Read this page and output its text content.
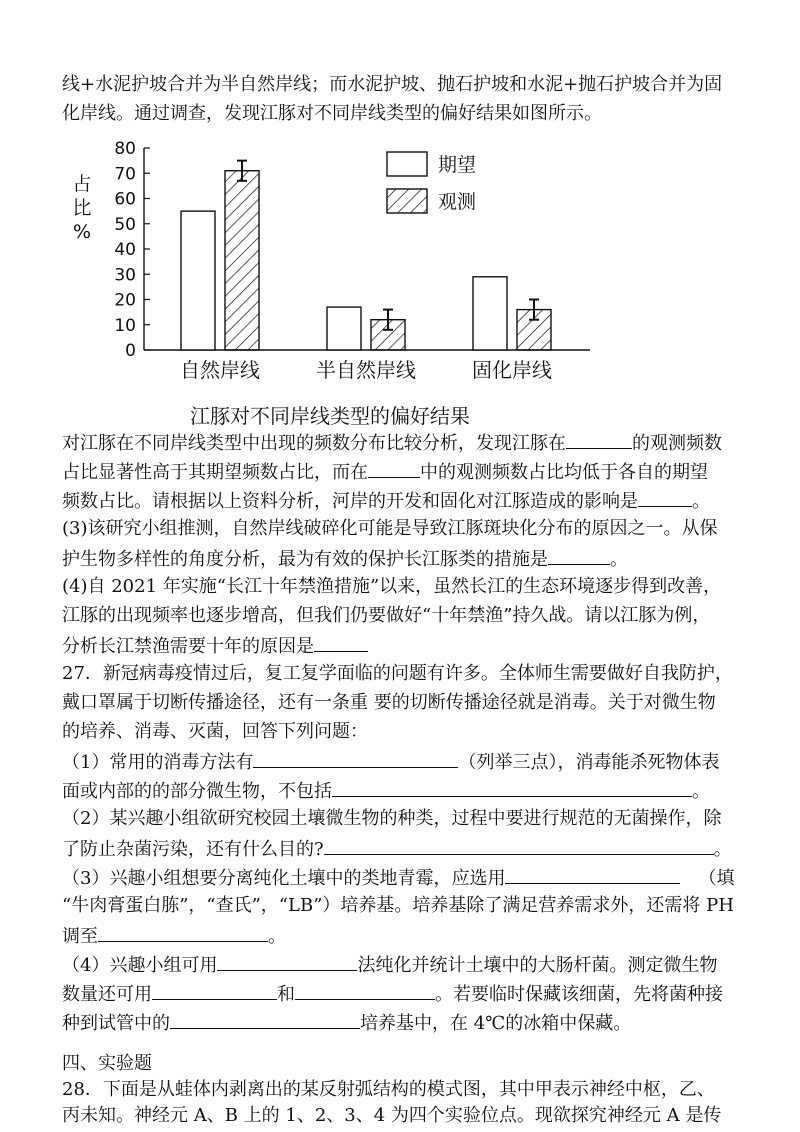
线+水泥护坡合并为半自然岸线；而水泥护坡、抛石护坡和水泥+抛石护坡合并为固
化岸线。通过调查，发现江豚对不同岸线类型的偏好结果如图所示。
0
10
20
30
40
50
60
70
80
占
比
%
自然岸线	半自然岸线	固化岸线
期望
观测
江豚对不同岸线类型的偏好结果
对江豚在不同岸线类型中出现的频数分布比较分析，发现江豚在	的观测频数
占比显著性高于其期望频数占比，而在	中的观测频数占比均低于各自的期望
频数占比。请根据以上资料分析，河岸的开发和固化对江豚造成的影响是	。
(3)该研究小组推测，自然岸线破碎化可能是导致江豚斑块化分布的原因之一。从保
护生物多样性的角度分析，最为有效的保护长江豚类的措施是	。
(4)自 2021 年实施“长江十年禁渔措施”以来，虽然长江的生态环境逐步得到改善，
江豚的出现频率也逐步增高，但我们仍要做好“十年禁渔”持久战。请以江豚为例，
分析长江禁渔需要十年的原因是
27．新冠病毒疫情过后，复工复学面临的问题有许多。全体师生需要做好自我防护，
戴口罩属于切断传播途径，还有一条重 要的切断传播途径就是消毒。关于对微生物
的培养、消毒、灭菌，回答下列问题：
（1）常用的消毒方法有	（列举三点），消毒能杀死物体表
面或内部的的部分微生物，不包括	。
（2）某兴趣小组欲研究校园土壤微生物的种类，过程中要进行规范的无菌操作，除
了防止杂菌污染，还有什么目的?	。
（3）兴趣小组想要分离纯化土壤中的类地青霉，应选用	（填
“牛肉膏蛋白胨”，“查氏”，“LB”）培养基。培养基除了满足营养需求外，还需将 PH
调至	。
（4）兴趣小组可用	法纯化并统计土壤中的大肠杆菌。测定微生物
数量还可用	和	。若要临时保藏该细菌，先将菌种接
种到试管中的	培养基中，在 4℃的冰箱中保藏。
四、实验题
28．下面是从蛙体内剥离出的某反射弧结构的模式图，其中甲表示神经中枢，乙、
丙未知。神经元 A、B 上的 1、2、3、4 为四个实验位点。现欲探究神经元 A 是传
